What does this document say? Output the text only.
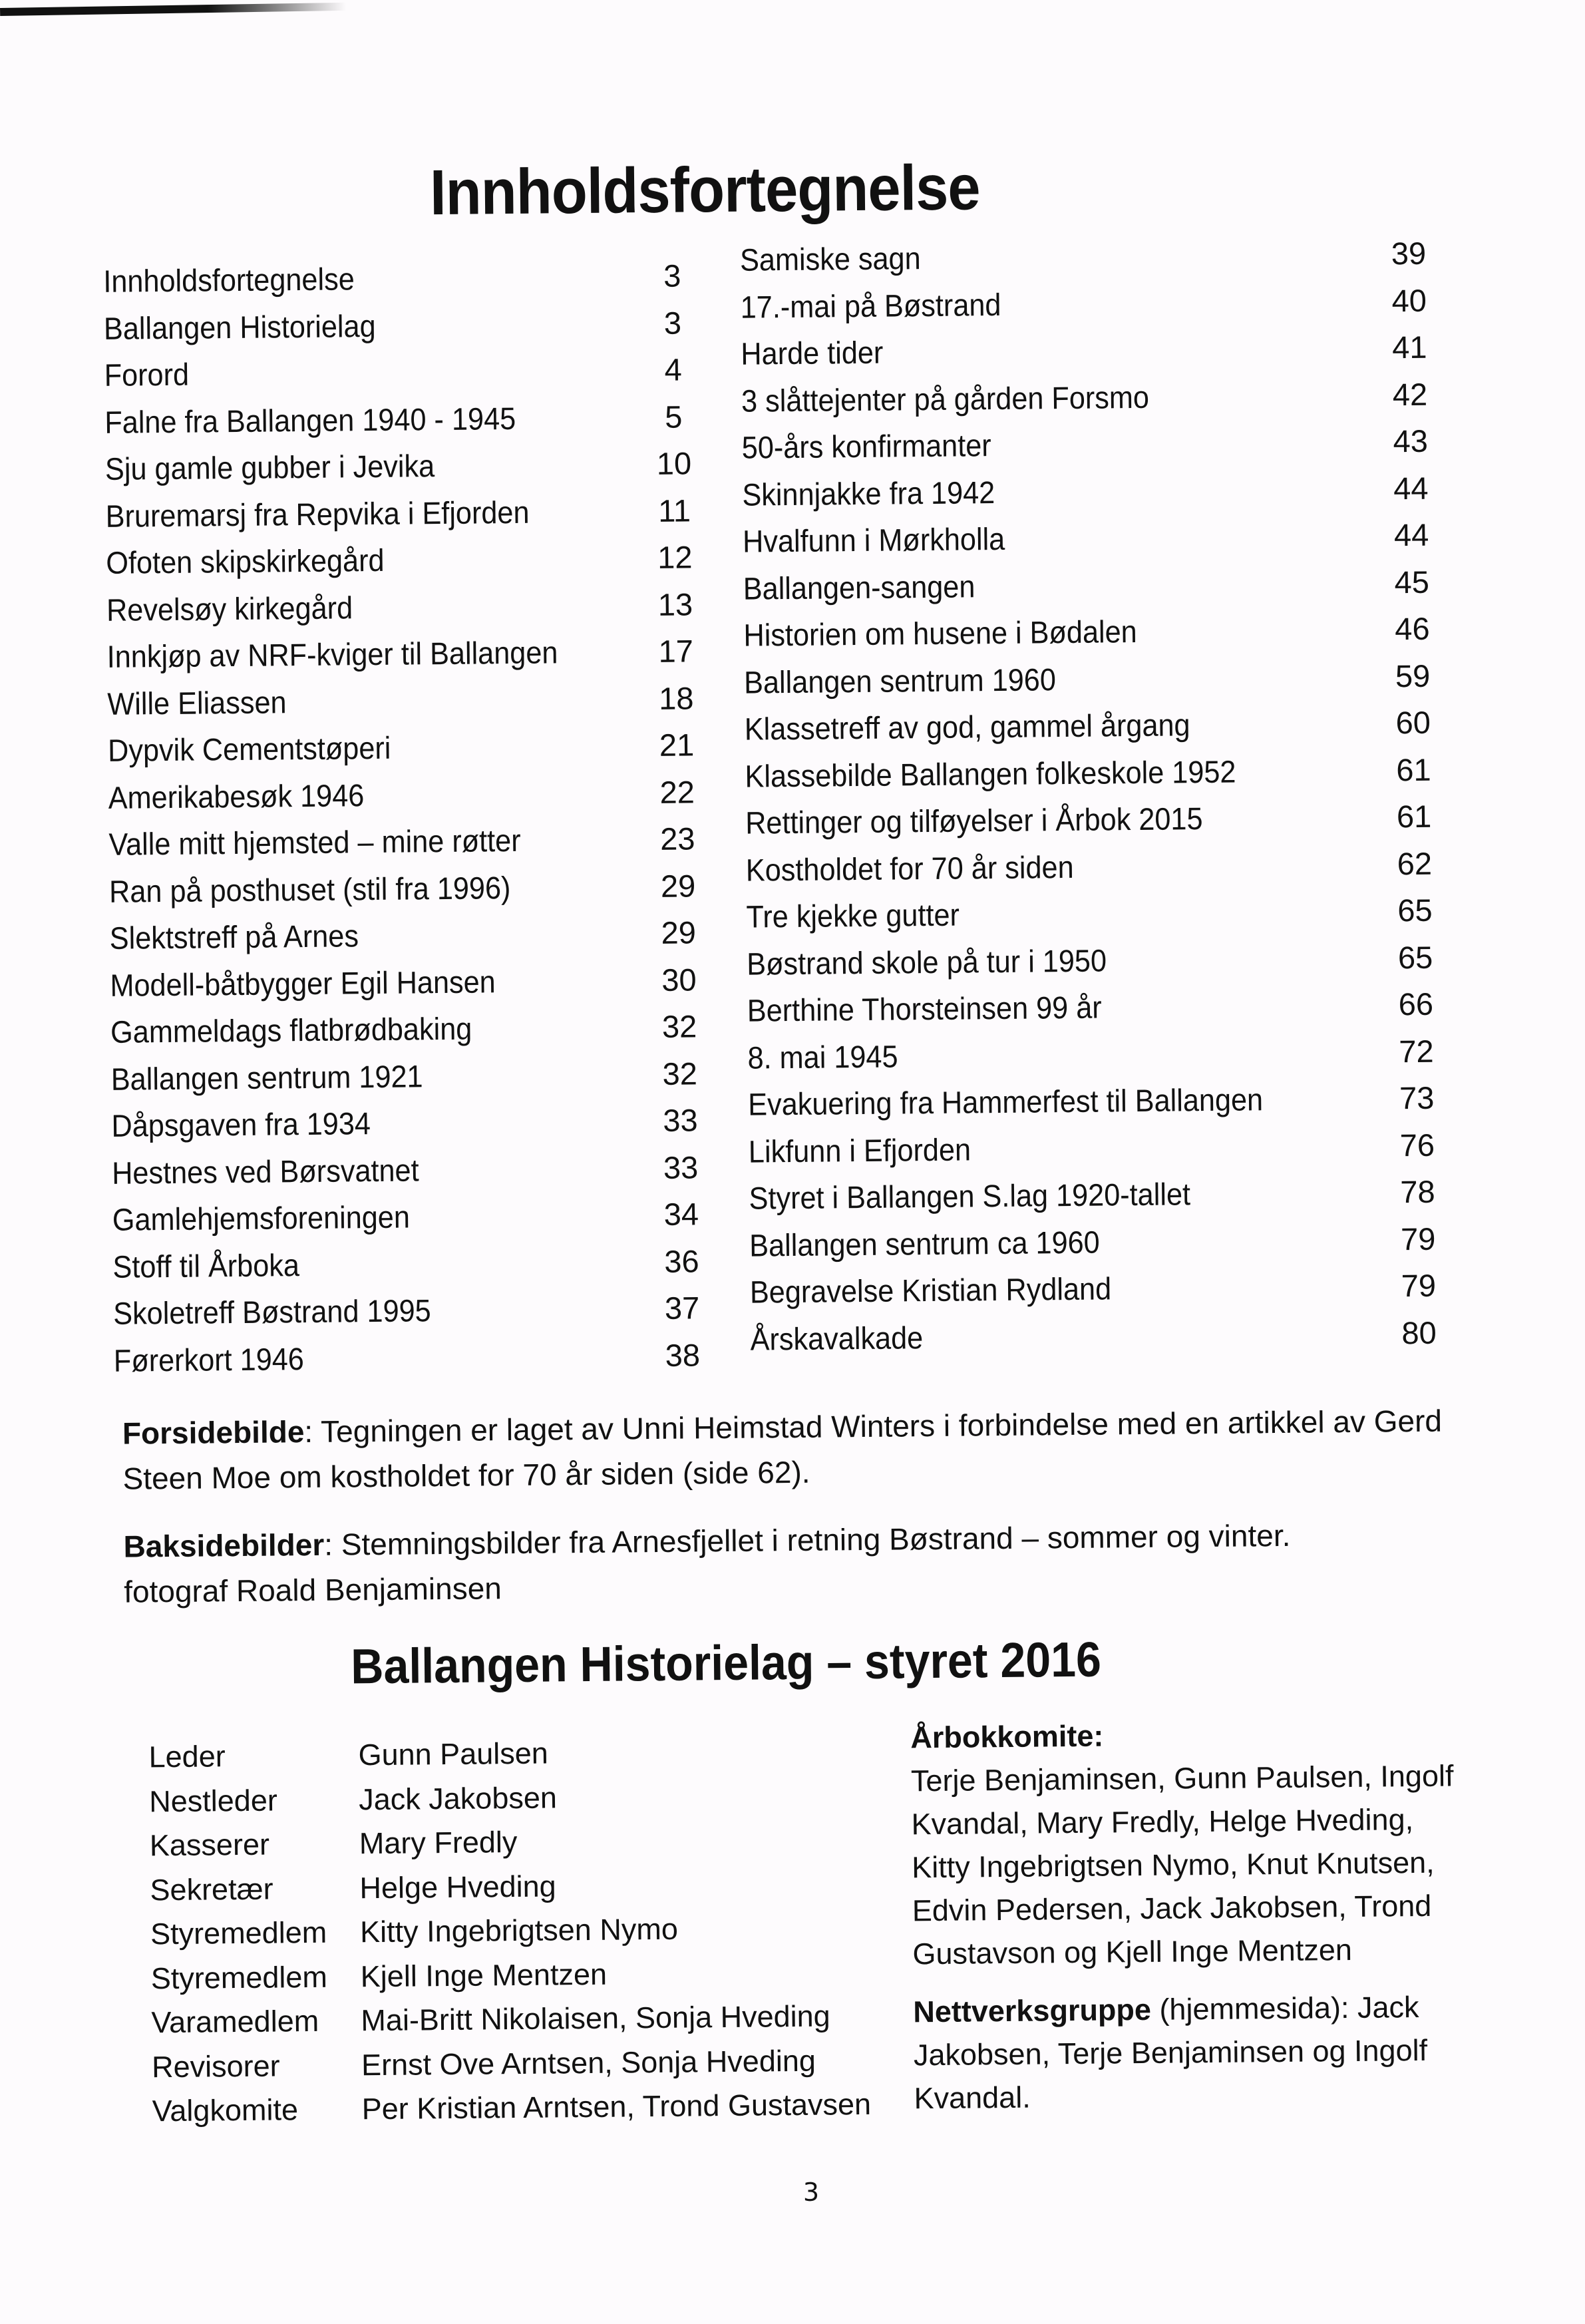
Innholdsfortegnelse
Innholdsfortegnelse	3
Ballangen Historielag	3
Forord	4
Falne fra Ballangen 1940 - 1945	5
Sju gamle gubber i Jevika	10
Bruremarsj fra Repvika i Efjorden	11
Ofoten skipskirkegård	12
Revelsøy kirkegård	13
Innkjøp av NRF-kviger til Ballangen	17
Wille Eliassen	18
Dypvik Cementstøperi	21
Amerikabesøk 1946	22
Valle mitt hjemsted – mine røtter	23
Ran på posthuset (stil fra 1996)	29
Slektstreff på Arnes	29
Modell-båtbygger Egil Hansen	30
Gammeldags flatbrødbaking	32
Ballangen sentrum 1921	32
Dåpsgaven fra 1934	33
Hestnes ved Børsvatnet	33
Gamlehjemsforeningen	34
Stoff til Årboka	36
Skoletreff Bøstrand 1995	37
Førerkort 1946	38
Samiske sagn	39
17.-mai på Bøstrand	40
Harde tider	41
3 slåttejenter på gården Forsmo	42
50-års konfirmanter	43
Skinnjakke fra 1942	44
Hvalfunn i Mørkholla	44
Ballangen-sangen	45
Historien om husene i Bødalen	46
Ballangen sentrum 1960	59
Klassetreff av god, gammel årgang	60
Klassebilde Ballangen folkeskole 1952	61
Rettinger og tilføyelser i Årbok 2015	61
Kostholdet for 70 år siden	62
Tre kjekke gutter	65
Bøstrand skole på tur i 1950	65
Berthine Thorsteinsen 99 år	66
8. mai 1945	72
Evakuering fra Hammerfest til Ballangen	73
Likfunn i Efjorden	76
Styret i Ballangen S.lag 1920-tallet	78
Ballangen sentrum ca 1960	79
Begravelse Kristian Rydland	79
Årskavalkade	80

Forsidebilde: Tegningen er laget av Unni Heimstad Winters i forbindelse med en artikkel av Gerd Steen Moe om kostholdet for 70 år siden (side 62).

Baksidebilder: Stemningsbilder fra Arnesfjellet i retning Bøstrand – sommer og vinter.
fotograf Roald Benjaminsen

Ballangen Historielag – styret 2016
Leder	Gunn Paulsen
Nestleder	Jack Jakobsen
Kasserer	Mary Fredly
Sekretær	Helge Hveding
Styremedlem	Kitty Ingebrigtsen Nymo
Styremedlem	Kjell Inge Mentzen
Varamedlem	Mai-Britt Nikolaisen, Sonja Hveding
Revisorer	Ernst Ove Arntsen, Sonja Hveding
Valgkomite	Per Kristian Arntsen, Trond Gustavsen

Årbokkomite:
Terje Benjaminsen, Gunn Paulsen, Ingolf Kvandal, Mary Fredly, Helge Hveding, Kitty Ingebrigtsen Nymo, Knut Knutsen, Edvin Pedersen, Jack Jakobsen, Trond Gustavson og Kjell Inge Mentzen

Nettverksgruppe (hjemmesida): Jack Jakobsen, Terje Benjaminsen og Ingolf Kvandal.

3
